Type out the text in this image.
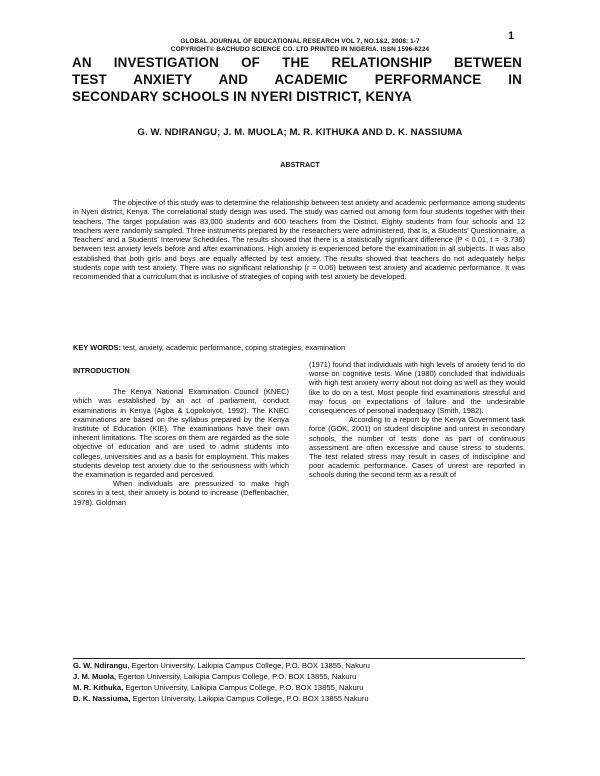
1
GLOBAL JOURNAL OF EDUCATIONAL RESEARCH VOL 7, NO.1&2, 2008: 1-7
COPYRIGHT© BACHUDO SCIENCE CO. LTD PRINTED IN NIGERIA. ISSN 1596-6224
AN INVESTIGATION OF THE RELATIONSHIP BETWEEN
TEST ANXIETY AND ACADEMIC PERFORMANCE IN
SECONDARY SCHOOLS IN NYERI DISTRICT, KENYA
G. W. NDIRANGU; J. M. MUOLA; M. R. KITHUKA AND D. K. NASSIUMA
ABSTRACT

The objective of this study was to determine the relationship between test anxiety and academic performance among students in Nyeri district, Kenya. The correlational study design was used. The study was carried out among form four students together with their teachers. The target population was 83,000 students and 600 teachers from the District. Eighty students from four schools and 12 teachers were randomly sampled. Three instruments prepared by the researchers were administered, that is, a Students’ Questionnaire, a Teachers’ and a Students’ Interview Schedules. The results showed that there is a statistically significant difference (P < 0.01, t = -3.736) between test anxiety levels before and after examinations. High anxiety is experienced before the examination in all subjects. It was also established that both girls and boys are equally affected by test anxiety. The results showed that teachers do not adequately helps students cope with test anxiety. There was no significant relationship (r = 0.06) between test anxiety and academic performance. It was recommended that a curriculum that is inclusive of strategies of coping with test anxiety be developed.

KEY WORDS: test, anxiety, academic performance, coping strategies, examination
INTRODUCTION

The Kenya National Examination Council (KNEC) which was established by an act of parliament, conduct examinations in Kenya (Agba & Lopokoiyot, 1992). The KNEC examinations are based on the syllabus prepared by the Kenya Institute of Education (KIE). The examinations have their own inherent limitations. The scores on them are regarded as the sole objective of education and are used to admit students into colleges, universities and as a basis for employment. This makes students develop test anxiety due to the seriousness with which the examination is regarded and perceived.

When individuals are pressurized to make high scores in a test, their anxiety is bound to increase (Deffenbacher, 1978). Goldman

(1971) found that individuals with high levels of anxiety tend to do worse on cognitive tests. Wine (1980) concluded that individuals with high test anxiety worry about not doing as well as they would like to do on a test. Most people find examinations stressful and may focus on expectations of failure and the undesirable consequences of personal inadequacy (Smith, 1982).

According to a report by the Kenya Government task force (GOK, 2001) on student discipline and unrest in secondary schools, the number of tests done as part of continuous assessment are often excessive and cause stress to students. The test related stress may result in cases of indiscipline and poor academic performance. Cases of unrest are reported in schools during the second term as a result of

G. W. Ndirangu, Egerton University, Laikipia Campus College, P.O. BOX 13855, Nakuru
J. M. Muola, Egerton University, Laikipia Campus College, P.O. BOX 13855, Nakuru
M. R. Kithuka, Egerton University, Laikipia Campus College, P.O. BOX 13855, Nakuru
D. K. Nassiuma, Egerton University, Laikipia Campus College, P.O. BOX 13855 Nakuru
